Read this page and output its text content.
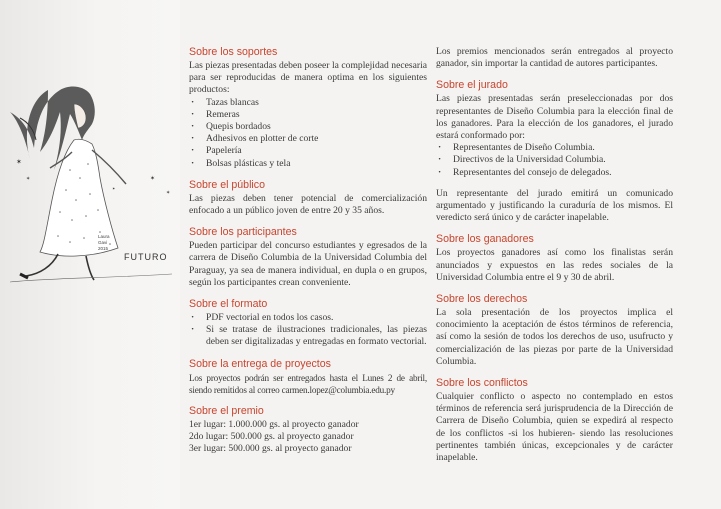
✶
✶	✶
✶
✶
Laura
Gavi
2015
FUTURO
Sobre los soportes

Las piezas presentadas deben poseer la complejidad necesaria para ser reproducidas de manera optima en los siguientes productos:

· Tazas blancas
· Remeras
· Quepis bordados
· Adhesivos en plotter de corte
· Papelería
· Bolsas plásticas y tela
Sobre el público

Las piezas deben tener potencial de comercialización enfocado a un público joven de entre 20 y 35 años.

Sobre los participantes

Pueden participar del concurso estudiantes y egresados de la carrera de Diseño Columbia de la Universidad Columbia del Paraguay, ya sea de manera individual, en dupla o en grupos, según los participantes crean conveniente.

Sobre el formato
· PDF vectorial en todos los casos.
· Si se tratase de ilustraciones tradicionales, las piezas deben ser digitalizadas y entregadas en formato vectorial.
Sobre la entrega de proyectos

Los proyectos podrán ser entregados hasta el Lunes 2 de abril, siendo remitidos al correo carmen.lopez@columbia.edu.py

Sobre el premio

1er lugar: 1.000.000 gs. al proyecto ganador

2do lugar: 500.000 gs. al proyecto ganador

3er lugar: 500.000 gs. al proyecto ganador

Los premios mencionados serán entregados al proyecto ganador, sin importar la cantidad de autores participantes.

Sobre el jurado

Las piezas presentadas serán preseleccionadas por dos representantes de Diseño Columbia para la elección final de los ganadores. Para la elección de los ganadores, el jurado estará conformado por:

· Representantes de Diseño Columbia.
· Directivos de la Universidad Columbia.
· Representantes del consejo de delegados.

Un representante del jurado emitirá un comunicado argumentado y justificando la curaduría de los mismos. El veredicto será único y de carácter inapelable.

Sobre los ganadores

Los proyectos ganadores así como los finalistas serán anunciados y expuestos en las redes sociales de la Universidad Columbia entre el 9 y 30 de abril.

Sobre los derechos

La sola presentación de los proyectos implica el conocimiento la aceptación de éstos términos de referencia, así como la sesión de todos los derechos de uso, usufructo y comercialización de las piezas por parte de la Universidad Columbia.

Sobre los conflictos

Cualquier conflicto o aspecto no contemplado en estos términos de referencia será jurisprudencia de la Dirección de Carrera de Diseño Columbia, quien se expedirá al respecto de los conflictos -si los hubieren- siendo las resoluciones pertinentes también únicas, excepcionales y de carácter inapelable.
